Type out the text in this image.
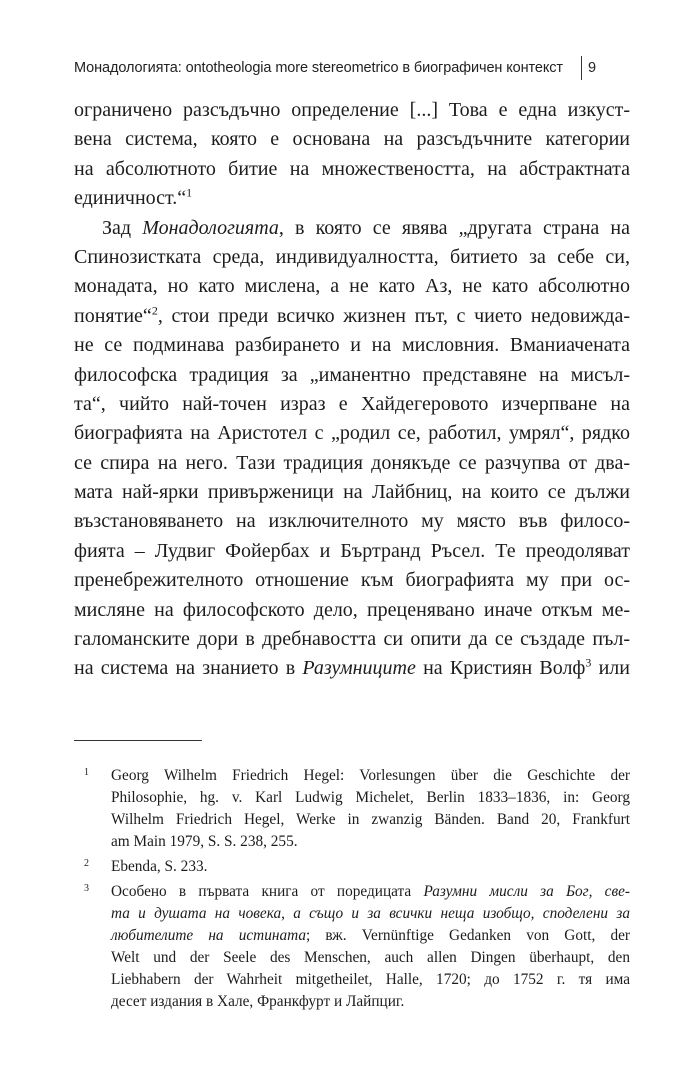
Монадологията: ontotheologia more stereometrico в биографичен контекст 9
ограничено разсъдъчно определение [...] Това е една изкуст-
вена система, която е основана на разсъдъчните категории
на абсолютното битие на множествеността, на абстрактната
единичност.“$^1$
Зад Монадологията, в която се явява „другата страна на
Спинозистката среда, индивидуалността, битието за себе си,
монадата, но като мислена, а не като Аз, не като абсолютно
понятие“$^2$, стои преди всичко жизнен път, с чието недовижда-
не се подминава разбирането и на мисловния. Вманиачената
философска традиция за „иманентно представяне на мисъл-
та“, чийто най-точен израз е Хайдегеровото изчерпване на
биографията на Аристотел с „родил се, работил, умрял“, рядко
се спира на него. Тази традиция донякъде се разчупва от два-
мата най-ярки привърженици на Лайбниц, на които се дължи
възстановяването на изключителното му място във филосо-
фията – Лудвиг Фойербах и Бъртранд Ръсел. Те преодоляват
пренебрежителното отношение към биографията му при ос-
мисляне на философското дело, преценявано иначе откъм ме-
галоманските дори в дребнавостта си опити да се създаде пъл-
на система на знанието в Разумниците на Кристиян Волф$^3$ или
1 Georg Wilhelm Friedrich Hegel: Vorlesungen über die Geschichte der
Philosophie, hg. v. Karl Ludwig Michelet, Berlin 1833–1836, in: Georg
Wilhelm Friedrich Hegel, Werke in zwanzig Bänden. Band 20, Frankfurt
am Main 1979, S. S. 238, 255.
2 Ebenda, S. 233.
3 Особено в първата книга от поредицата Разумни мисли за Бог, све-
та и душата на човека, а също и за всички неща изобщо, споделени за
любителите на истината; вж. Vernünftige Gedanken von Gott, der
Welt und der Seele des Menschen, auch allen Dingen überhaupt, den
Liebhabern der Wahrheit mitgetheilet, Halle, 1720; до 1752 г. тя има
десет издания в Хале, Франкфурт и Лайпциг.
